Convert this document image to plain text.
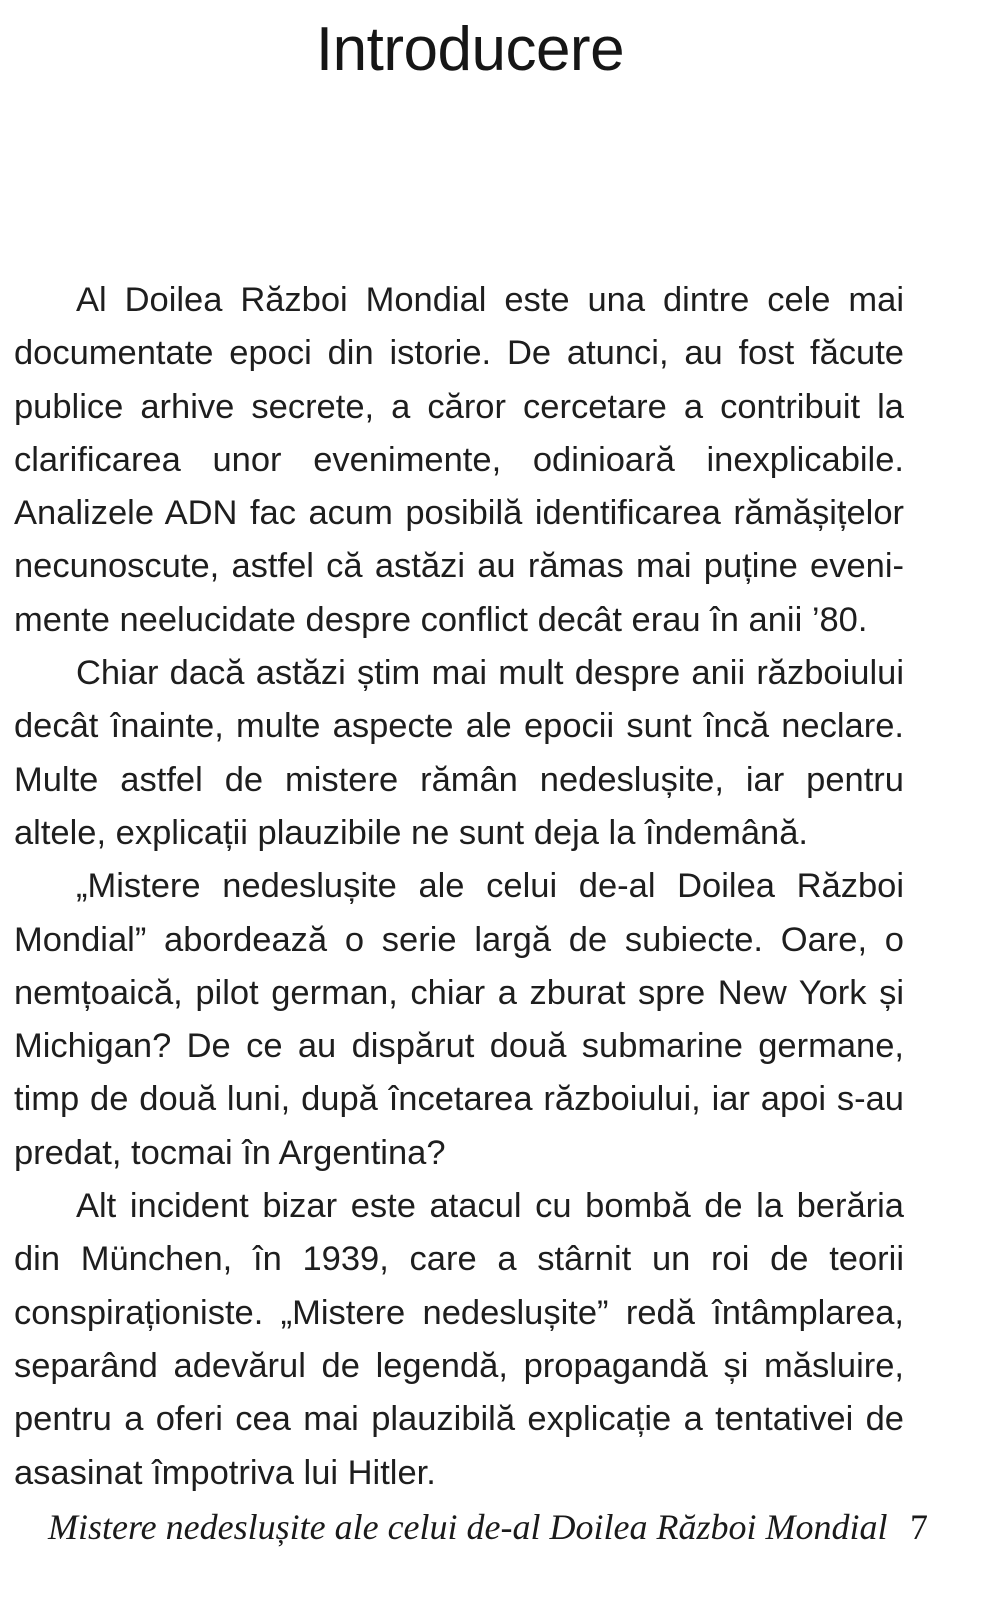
Introducere

Al Doilea Război Mondial este una dintre cele mai documentate epoci din istorie. De atunci, au fost făcute publice arhive secrete, a căror cercetare a contribuit la clarificarea unor evenimente, odinioară inexplicabile. Analizele ADN fac acum posibilă identificarea rămășițelor necunoscute, astfel că astăzi au rămas mai puține evenimente neelucidate despre conflict decât erau în anii ’80.

Chiar dacă astăzi știm mai mult despre anii războiului decât înainte, multe aspecte ale epocii sunt încă neclare. Multe astfel de mistere rămân nedeslușite, iar pentru altele, explicații plauzibile ne sunt deja la îndemână.

„Mistere nedeslușite ale celui de-al Doilea Război Mondial” abordează o serie largă de subiecte. Oare, o nemțoaică, pilot german, chiar a zburat spre New York și Michigan? De ce au dispărut două submarine germane, timp de două luni, după încetarea războiului, iar apoi s-au predat, tocmai în Argentina?

Alt incident bizar este atacul cu bombă de la berăria din München, în 1939, care a stârnit un roi de teorii conspiraționiste. „Mistere nedeslușite” redă întâmplarea, separând adevărul de legendă, propagandă și măsluire, pentru a oferi cea mai plauzibilă explicație a tentativei de asasinat împotriva lui Hitler.

Mistere nedeslușite ale celui de-al Doilea Război Mondial 7
